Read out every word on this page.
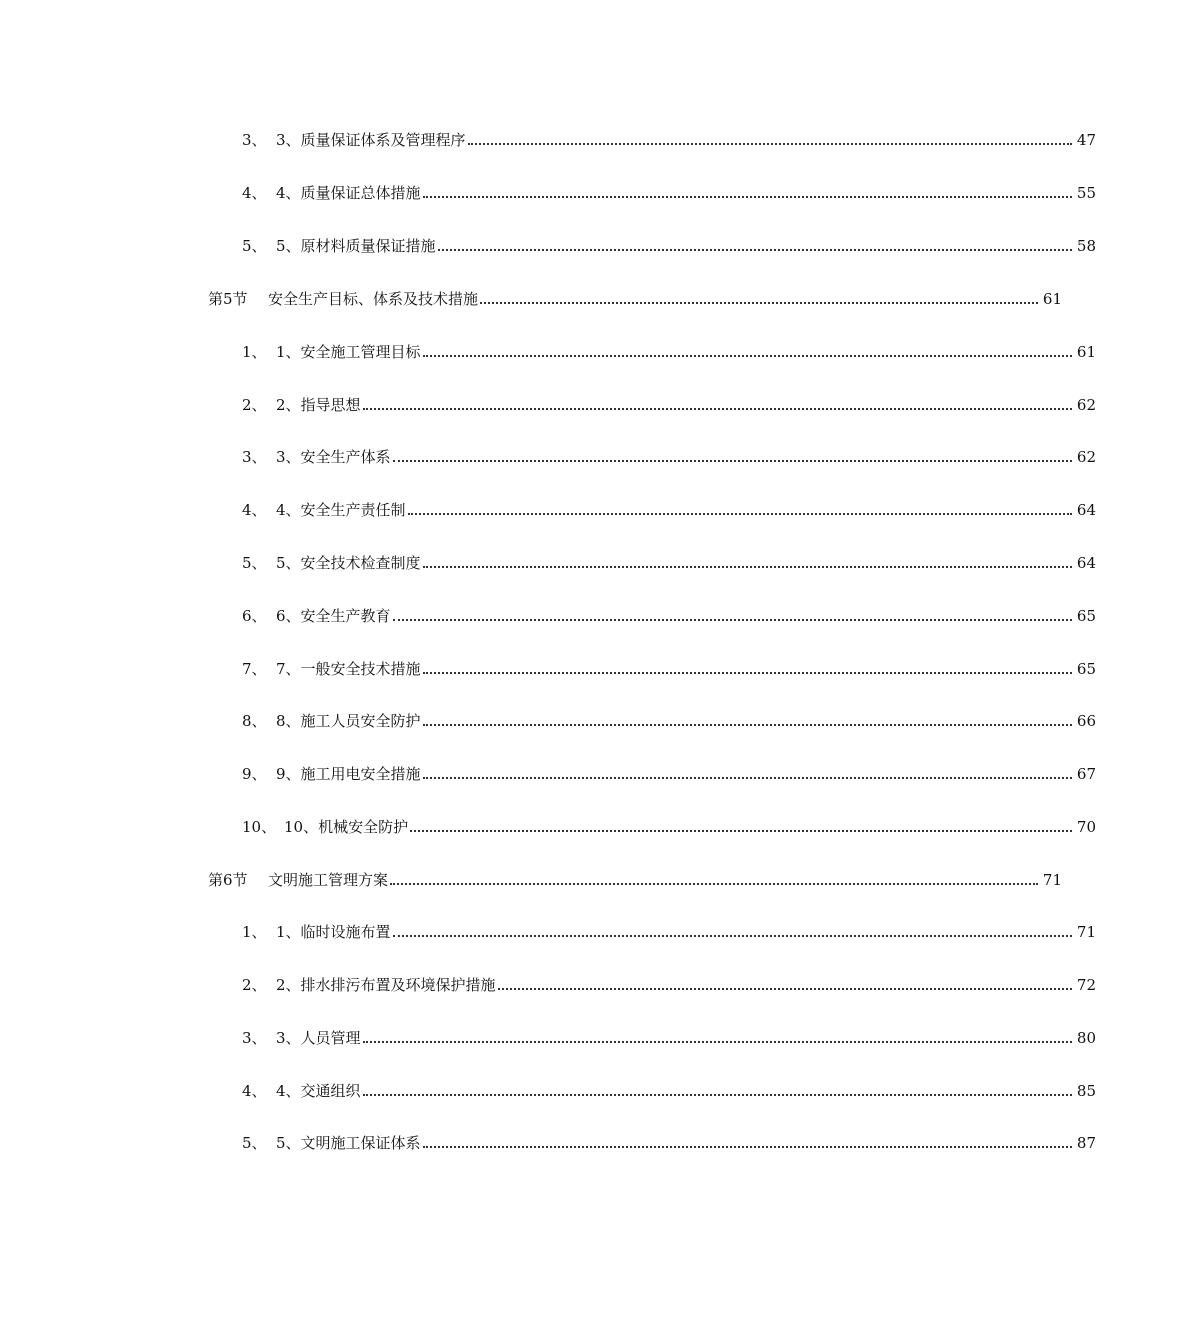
3、 3、质量保证体系及管理程序	47
4、 4、质量保证总体措施	55
5、 5、原材料质量保证措施	58
第5节	安全生产目标、体系及技术措施	61
1、 1、安全施工管理目标	61
2、 2、指导思想	62
3、 3、安全生产体系	62
4、 4、安全生产责任制	64
5、 5、安全技术检查制度	64
6、 6、安全生产教育	65
7、 7、一般安全技术措施	65
8、 8、施工人员安全防护	66
9、 9、施工用电安全措施	67
10、 10、机械安全防护	70
第6节	文明施工管理方案	71
1、 1、临时设施布置	71
2、 2、排水排污布置及环境保护措施	72
3、 3、人员管理	80
4、 4、交通组织	85
5、 5、文明施工保证体系	87
